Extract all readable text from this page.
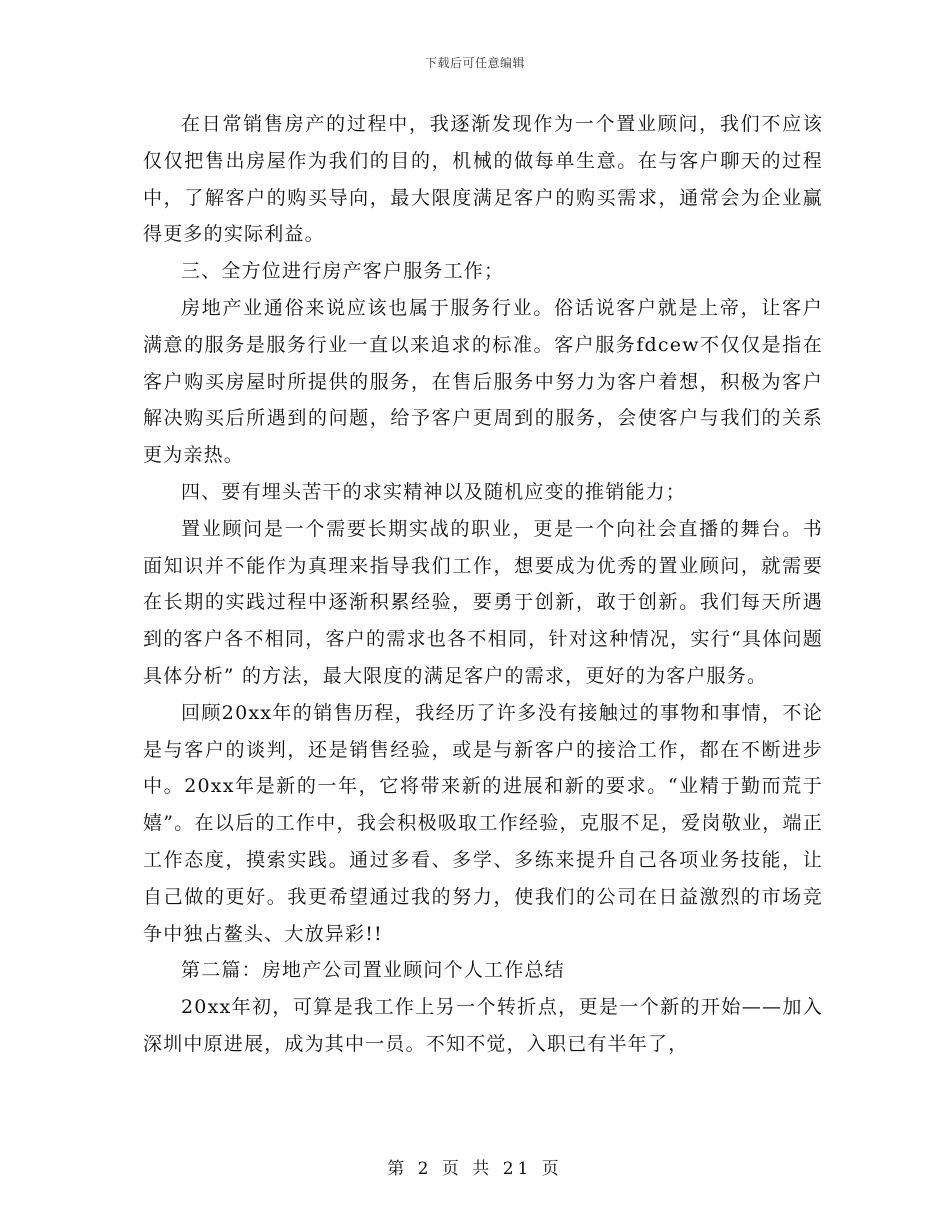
下载后可任意编辑

在日常销售房产的过程中，我逐渐发现作为一个置业顾问，我们不应该仅仅把售出房屋作为我们的目的，机械的做每单生意。在与客户聊天的过程中，了解客户的购买导向，最大限度满足客户的购买需求，通常会为企业赢得更多的实际利益。

三、全方位进行房产客户服务工作；

房地产业通俗来说应该也属于服务行业。俗话说客户就是上帝，让客户满意的服务是服务行业一直以来追求的标准。客户服务fdcew不仅仅是指在客户购买房屋时所提供的服务，在售后服务中努力为客户着想，积极为客户解决购买后所遇到的问题，给予客户更周到的服务，会使客户与我们的关系更为亲热。

四、要有埋头苦干的求实精神以及随机应变的推销能力；

置业顾问是一个需要长期实战的职业，更是一个向社会直播的舞台。书面知识并不能作为真理来指导我们工作，想要成为优秀的置业顾问，就需要在长期的实践过程中逐渐积累经验，要勇于创新，敢于创新。我们每天所遇到的客户各不相同，客户的需求也各不相同，针对这种情况，实行“具体问题具体分析” 的方法，最大限度的满足客户的需求，更好的为客户服务。

回顾20xx年的销售历程，我经历了许多没有接触过的事物和事情，不论是与客户的谈判，还是销售经验，或是与新客户的接洽工作，都在不断进步中。20xx年是新的一年，它将带来新的进展和新的要求。“业精于勤而荒于嬉”。在以后的工作中，我会积极吸取工作经验，克服不足，爱岗敬业，端正工作态度，摸索实践。通过多看、多学、多练来提升自己各项业务技能，让自己做的更好。我更希望通过我的努力，使我们的公司在日益激烈的市场竞争中独占鳌头、大放异彩!!

第二篇：房地产公司置业顾问个人工作总结

20xx年初，可算是我工作上另一个转折点，更是一个新的开始——加入深圳中原进展，成为其中一员。不知不觉，入职已有半年了，

第 2 页 共 21 页
